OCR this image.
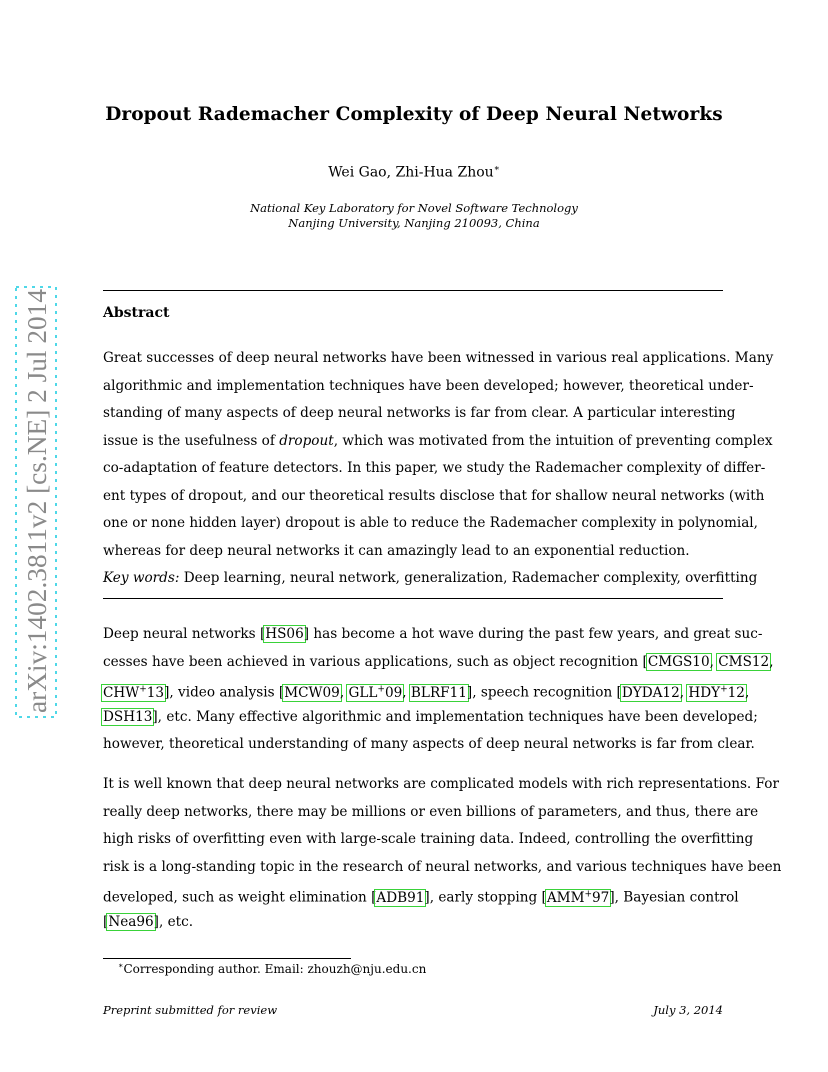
arXiv:1402.3811v2 [cs.NE] 2 Jul 2014
Dropout Rademacher Complexity of Deep Neural Networks
Wei Gao, Zhi-Hua Zhou∗
National Key Laboratory for Novel Software Technology
Nanjing University, Nanjing 210093, China
Abstract
Great successes of deep neural networks have been witnessed in various real applications. Many
algorithmic and implementation techniques have been developed; however, theoretical under-
standing of many aspects of deep neural networks is far from clear. A particular interesting
issue is the usefulness of dropout, which was motivated from the intuition of preventing complex
co-adaptation of feature detectors. In this paper, we study the Rademacher complexity of differ-
ent types of dropout, and our theoretical results disclose that for shallow neural networks (with
one or none hidden layer) dropout is able to reduce the Rademacher complexity in polynomial,
whereas for deep neural networks it can amazingly lead to an exponential reduction.
Key words: Deep learning, neural network, generalization, Rademacher complexity, overfitting
Deep neural networks [HS06] has become a hot wave during the past few years, and great suc-
cesses have been achieved in various applications, such as object recognition [CMGS10, CMS12,
CHW+13], video analysis [MCW09, GLL+09, BLRF11], speech recognition [DYDA12, HDY+12,
DSH13], etc. Many effective algorithmic and implementation techniques have been developed;
however, theoretical understanding of many aspects of deep neural networks is far from clear.
It is well known that deep neural networks are complicated models with rich representations. For
really deep networks, there may be millions or even billions of parameters, and thus, there are
high risks of overfitting even with large-scale training data. Indeed, controlling the overfitting
risk is a long-standing topic in the research of neural networks, and various techniques have been
developed, such as weight elimination [ADB91], early stopping [AMM+97], Bayesian control
[Nea96], etc.
∗Corresponding author. Email: zhouzh@nju.edu.cn
Preprint submitted for review	July 3, 2014
